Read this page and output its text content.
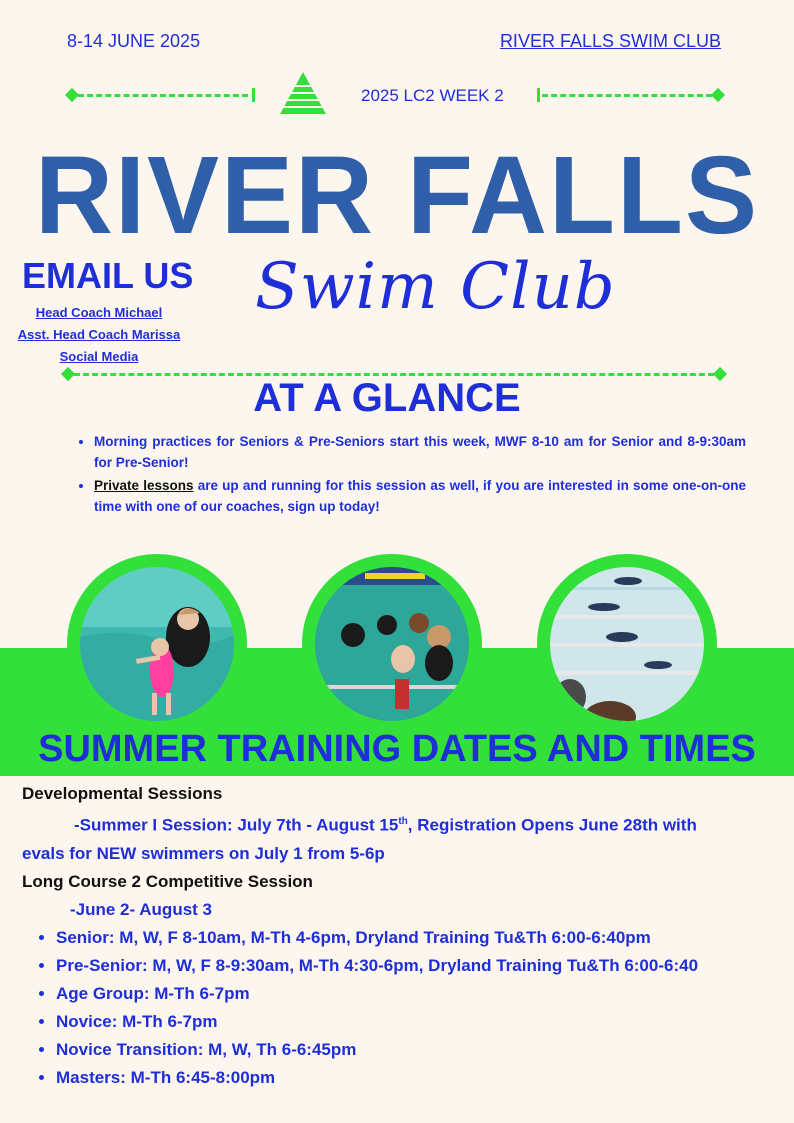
8-14 JUNE 2025	RIVER FALLS SWIM CLUB
2025 LC2 WEEK 2
RIVER FALLS
Swim Club
EMAIL US
Head Coach Michael
Asst. Head Coach Marissa
Social Media
AT A GLANCE
• Morning practices for Seniors & Pre-Seniors start this week, MWF 8-10 am for Senior and 8-9:30am for Pre-Senior!
• Private lessons are up and running for this session as well, if you are interested in some one-on-one time with one of our coaches, sign up today!
SUMMER TRAINING DATES AND TIMES
Developmental Sessions
-Summer I Session: July 7th - August 15th, Registration Opens June 28th with
evals for NEW swimmers on July 1 from 5-6p
Long Course 2 Competitive Session
-June 2- August 3
• Senior: M, W, F 8-10am, M-Th 4-6pm, Dryland Training Tu&Th 6:00-6:40pm
• Pre-Senior: M, W, F 8-9:30am, M-Th 4:30-6pm, Dryland Training Tu&Th 6:00-6:40
• Age Group: M-Th 6-7pm
• Novice: M-Th 6-7pm
• Novice Transition: M, W, Th 6-6:45pm
• Masters: M-Th 6:45-8:00pm
